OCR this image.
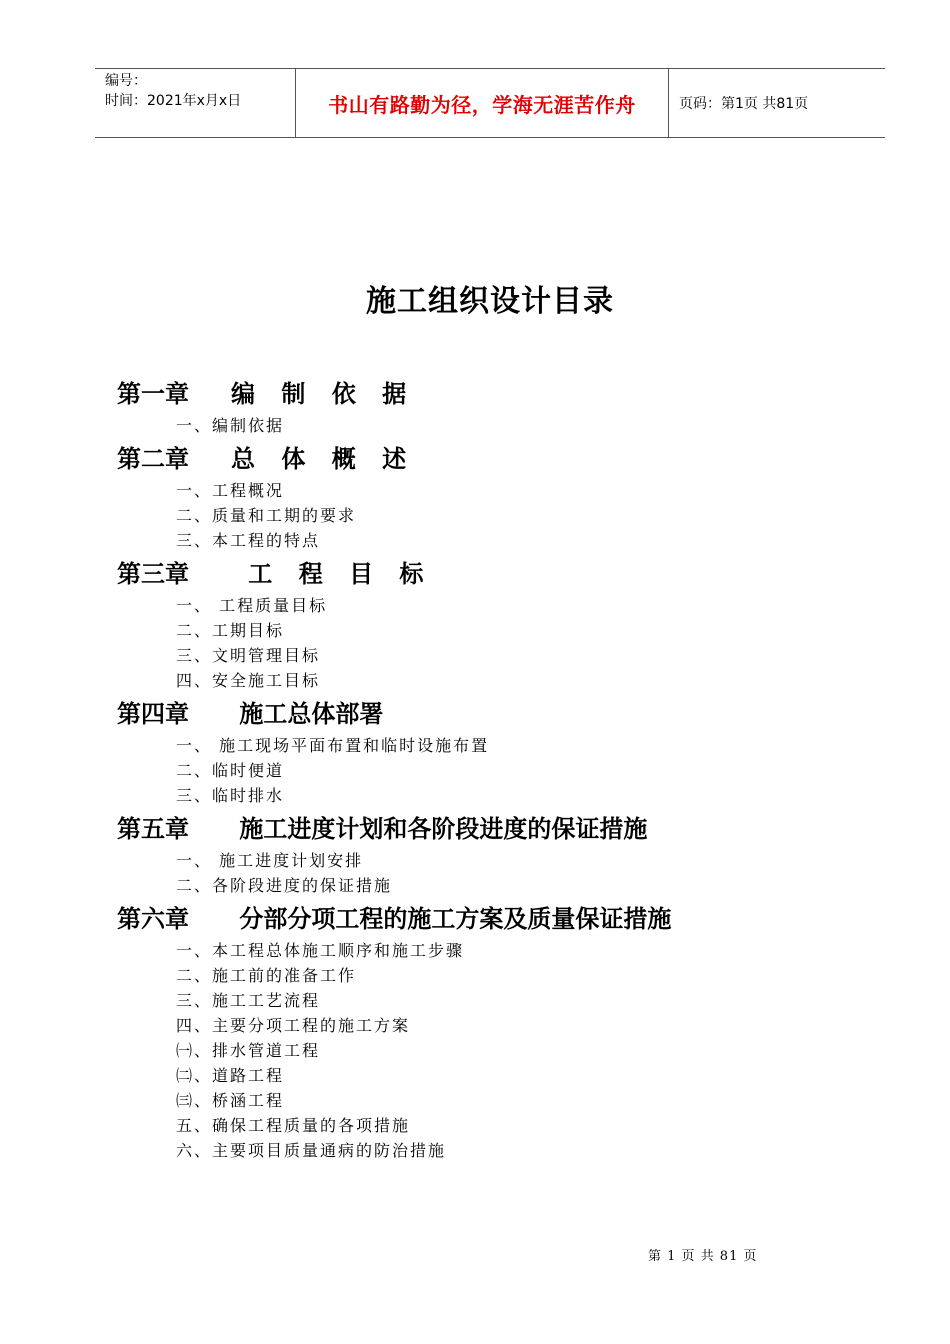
编号：
时间：2021年x月x日	书山有路勤为径，学海无涯苦作舟	页码：第1页 共81页
施工组织设计目录
第一章 编 制 依 据
一、编制依据
第二章 总 体 概 述
一、工程概况
二、质量和工期的要求
三、本工程的特点
第三章 工 程 目 标
一、 工程质量目标
二、工期目标
三、文明管理目标
四、安全施工目标
第四章 施工总体部署
一、 施工现场平面布置和临时设施布置
二、临时便道
三、临时排水
第五章 施工进度计划和各阶段进度的保证措施
一、 施工进度计划安排
二、各阶段进度的保证措施
第六章 分部分项工程的施工方案及质量保证措施
一、本工程总体施工顺序和施工步骤
二、施工前的准备工作
三、施工工艺流程
四、主要分项工程的施工方案
㈠、排水管道工程
㈡、道路工程
㈢、桥涵工程
五、确保工程质量的各项措施
六、主要项目质量通病的防治措施
第 1 页 共 81 页
